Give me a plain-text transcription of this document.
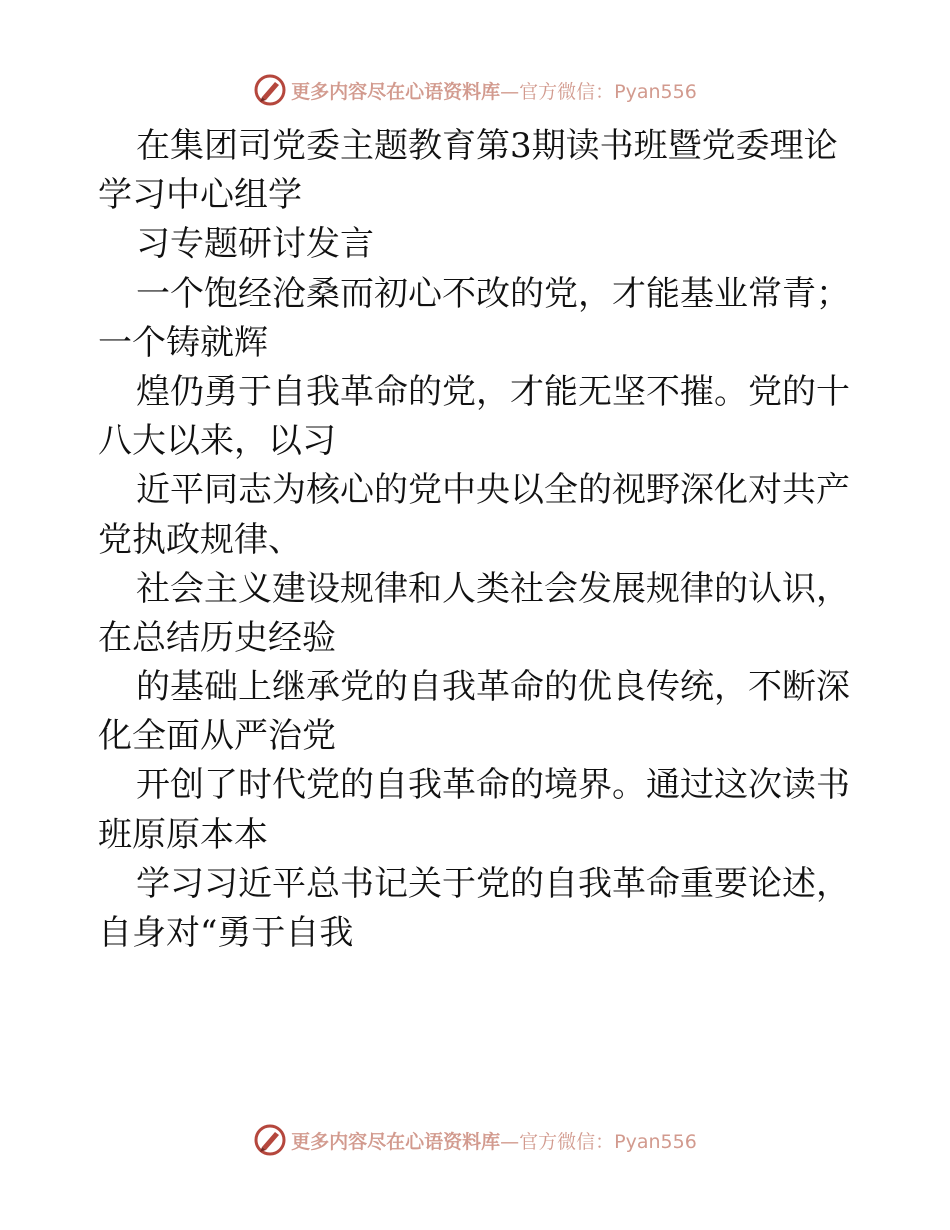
更多内容尽在心语资料库 —官方微信：Pyan556
在集团司党委主题教育第3期读书班暨党委理论
学习中心组学
习专题研讨发言
一个饱经沧桑而初心不改的党，才能基业常青；
一个铸就辉
煌仍勇于自我革命的党，才能无坚不摧。党的十
八大以来，以习
近平同志为核心的党中央以全的视野深化对共产
党执政规律、
社会主义建设规律和人类社会发展规律的认识，
在总结历史经验
的基础上继承党的自我革命的优良传统，不断深
化全面从严治党
开创了时代党的自我革命的境界。通过这次读书
班原原本本
学习习近平总书记关于党的自我革命重要论述，
自身对“勇于自我
更多内容尽在心语资料库 —官方微信：Pyan556
